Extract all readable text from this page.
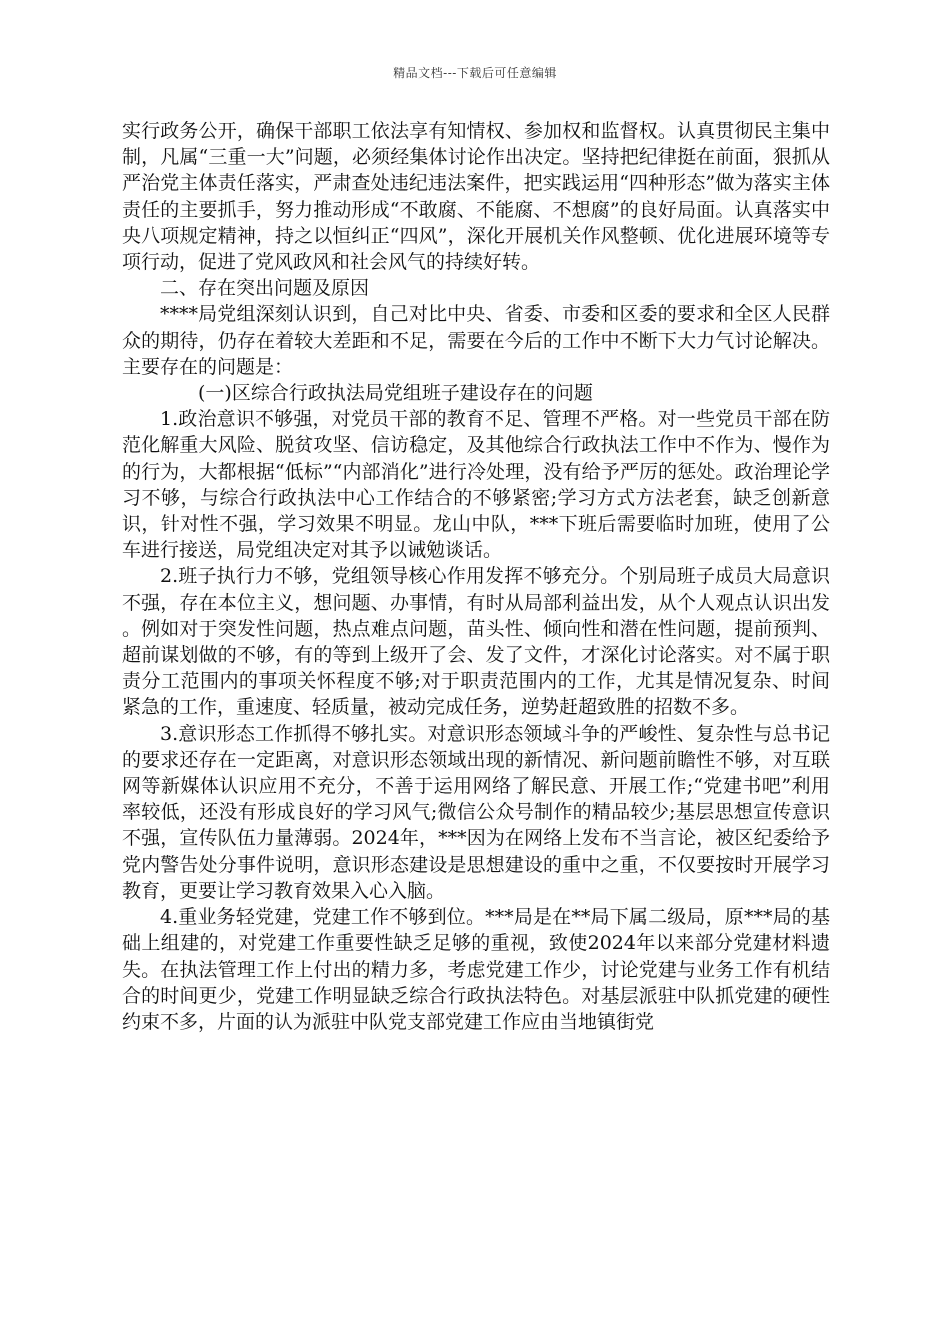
精品文档---下载后可任意编辑

实行政务公开，确保干部职工依法享有知情权、参加权和监督权。认真贯彻民主集中制，凡属“三重一大”问题，必须经集体讨论作出决定。坚持把纪律挺在前面，狠抓从严治党主体责任落实，严肃查处违纪违法案件，把实践运用“四种形态”做为落实主体责任的主要抓手，努力推动形成“不敢腐、不能腐、不想腐”的良好局面。认真落实中央八项规定精神，持之以恒纠正“四风”，深化开展机关作风整顿、优化进展环境等专项行动，促进了党风政风和社会风气的持续好转。

二、存在突出问题及原因

****局党组深刻认识到，自己对比中央、省委、市委和区委的要求和全区人民群众的期待，仍存在着较大差距和不足，需要在今后的工作中不断下大力气讨论解决。主要存在的问题是：

(一)区综合行政执法局党组班子建设存在的问题

1.政治意识不够强，对党员干部的教育不足、管理不严格。对一些党员干部在防范化解重大风险、脱贫攻坚、信访稳定，及其他综合行政执法工作中不作为、慢作为的行为，大都根据“低标”“内部消化”进行冷处理，没有给予严厉的惩处。政治理论学习不够，与综合行政执法中心工作结合的不够紧密;学习方式方法老套，缺乏创新意识，针对性不强，学习效果不明显。龙山中队，***下班后需要临时加班，使用了公车进行接送，局党组决定对其予以诫勉谈话。

2.班子执行力不够，党组领导核心作用发挥不够充分。个别局班子成员大局意识不强，存在本位主义，想问题、办事情，有时从局部利益出发，从个人观点认识出发。例如对于突发性问题，热点难点问题，苗头性、倾向性和潜在性问题，提前预判、超前谋划做的不够，有的等到上级开了会、发了文件，才深化讨论落实。对不属于职责分工范围内的事项关怀程度不够;对于职责范围内的工作，尤其是情况复杂、时间紧急的工作，重速度、轻质量，被动完成任务，逆势赶超致胜的招数不多。

3.意识形态工作抓得不够扎实。对意识形态领域斗争的严峻性、复杂性与总书记的要求还存在一定距离，对意识形态领域出现的新情况、新问题前瞻性不够，对互联网等新媒体认识应用不充分，不善于运用网络了解民意、开展工作;“党建书吧”利用率较低，还没有形成良好的学习风气;微信公众号制作的精品较少;基层思想宣传意识不强，宣传队伍力量薄弱。2024年，***因为在网络上发布不当言论，被区纪委给予党内警告处分事件说明，意识形态建设是思想建设的重中之重，不仅要按时开展学习教育，更要让学习教育效果入心入脑。

4.重业务轻党建，党建工作不够到位。***局是在**局下属二级局，原***局的基础上组建的，对党建工作重要性缺乏足够的重视，致使2024年以来部分党建材料遗失。在执法管理工作上付出的精力多，考虑党建工作少，讨论党建与业务工作有机结合的时间更少，党建工作明显缺乏综合行政执法特色。对基层派驻中队抓党建的硬性约束不多，片面的认为派驻中队党支部党建工作应由当地镇街党
